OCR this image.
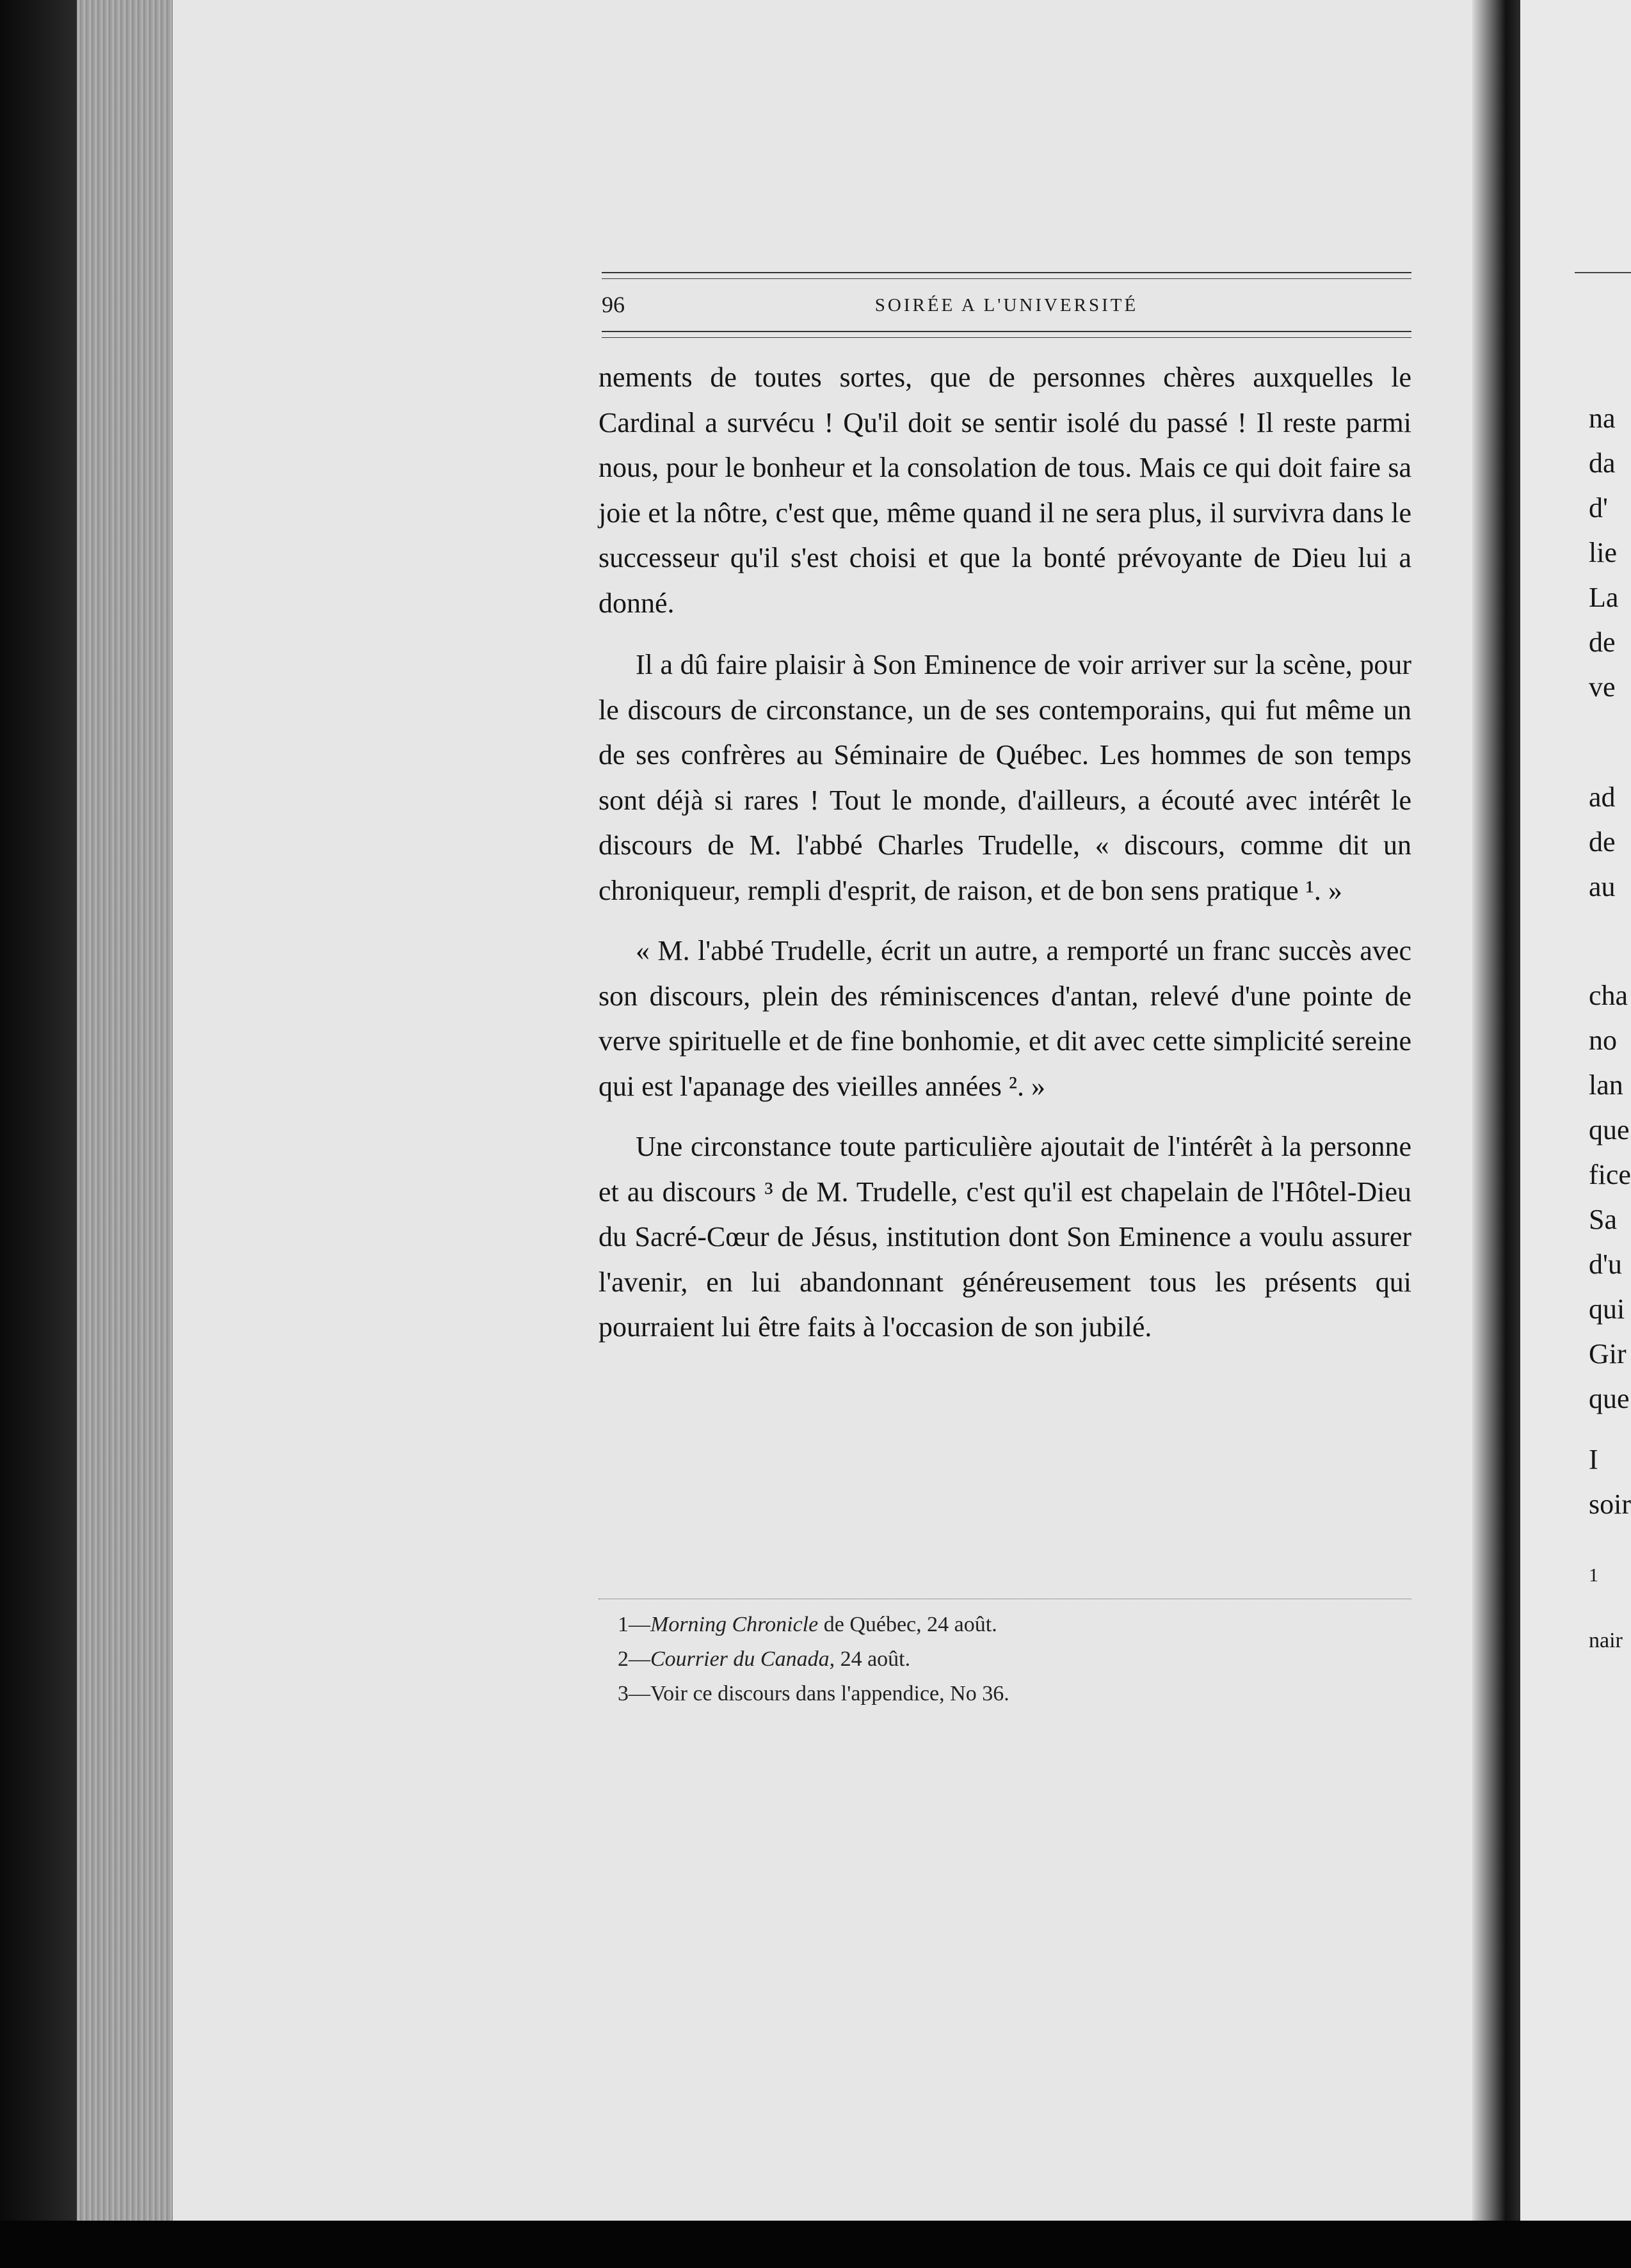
96	SOIRÉE A L'UNIVERSITÉ

nements de toutes sortes, que de personnes chères auxquelles le Cardinal a survécu ! Qu'il doit se sentir isolé du passé ! Il reste parmi nous, pour le bonheur et la consolation de tous. Mais ce qui doit faire sa joie et la nôtre, c'est que, même quand il ne sera plus, il survivra dans le successeur qu'il s'est choisi et que la bonté prévoyante de Dieu lui a donné.

Il a dû faire plaisir à Son Eminence de voir arriver sur la scène, pour le discours de circonstance, un de ses contemporains, qui fut même un de ses confrères au Séminaire de Québec. Les hommes de son temps sont déjà si rares ! Tout le monde, d'ailleurs, a écouté avec intérêt le discours de M. l'abbé Charles Trudelle, « discours, comme dit un chroniqueur, rempli d'esprit, de raison, et de bon sens pratique ¹. »

« M. l'abbé Trudelle, écrit un autre, a remporté un franc succès avec son discours, plein des réminiscences d'antan, relevé d'une pointe de verve spirituelle et de fine bonhomie, et dit avec cette simplicité sereine qui est l'apanage des vieilles années ². »

Une circonstance toute particulière ajoutait de l'intérêt à la personne et au discours ³ de M. Trudelle, c'est qu'il est chapelain de l'Hôtel-Dieu du Sacré-Cœur de Jésus, institution dont Son Eminence a voulu assurer l'avenir, en lui abandonnant généreusement tous les présents qui pourraient lui être faits à l'occasion de son jubilé.

1—Morning Chronicle de Québec, 24 août.
2—Courrier du Canada, 24 août.
3—Voir ce discours dans l'appendice, No 36.
na
da
d'
lie
La
de
ve
ad
de
au
cha
no
lan
que
fice
Sa
d'u
qui
Gir
que
I
soir
1
nair
